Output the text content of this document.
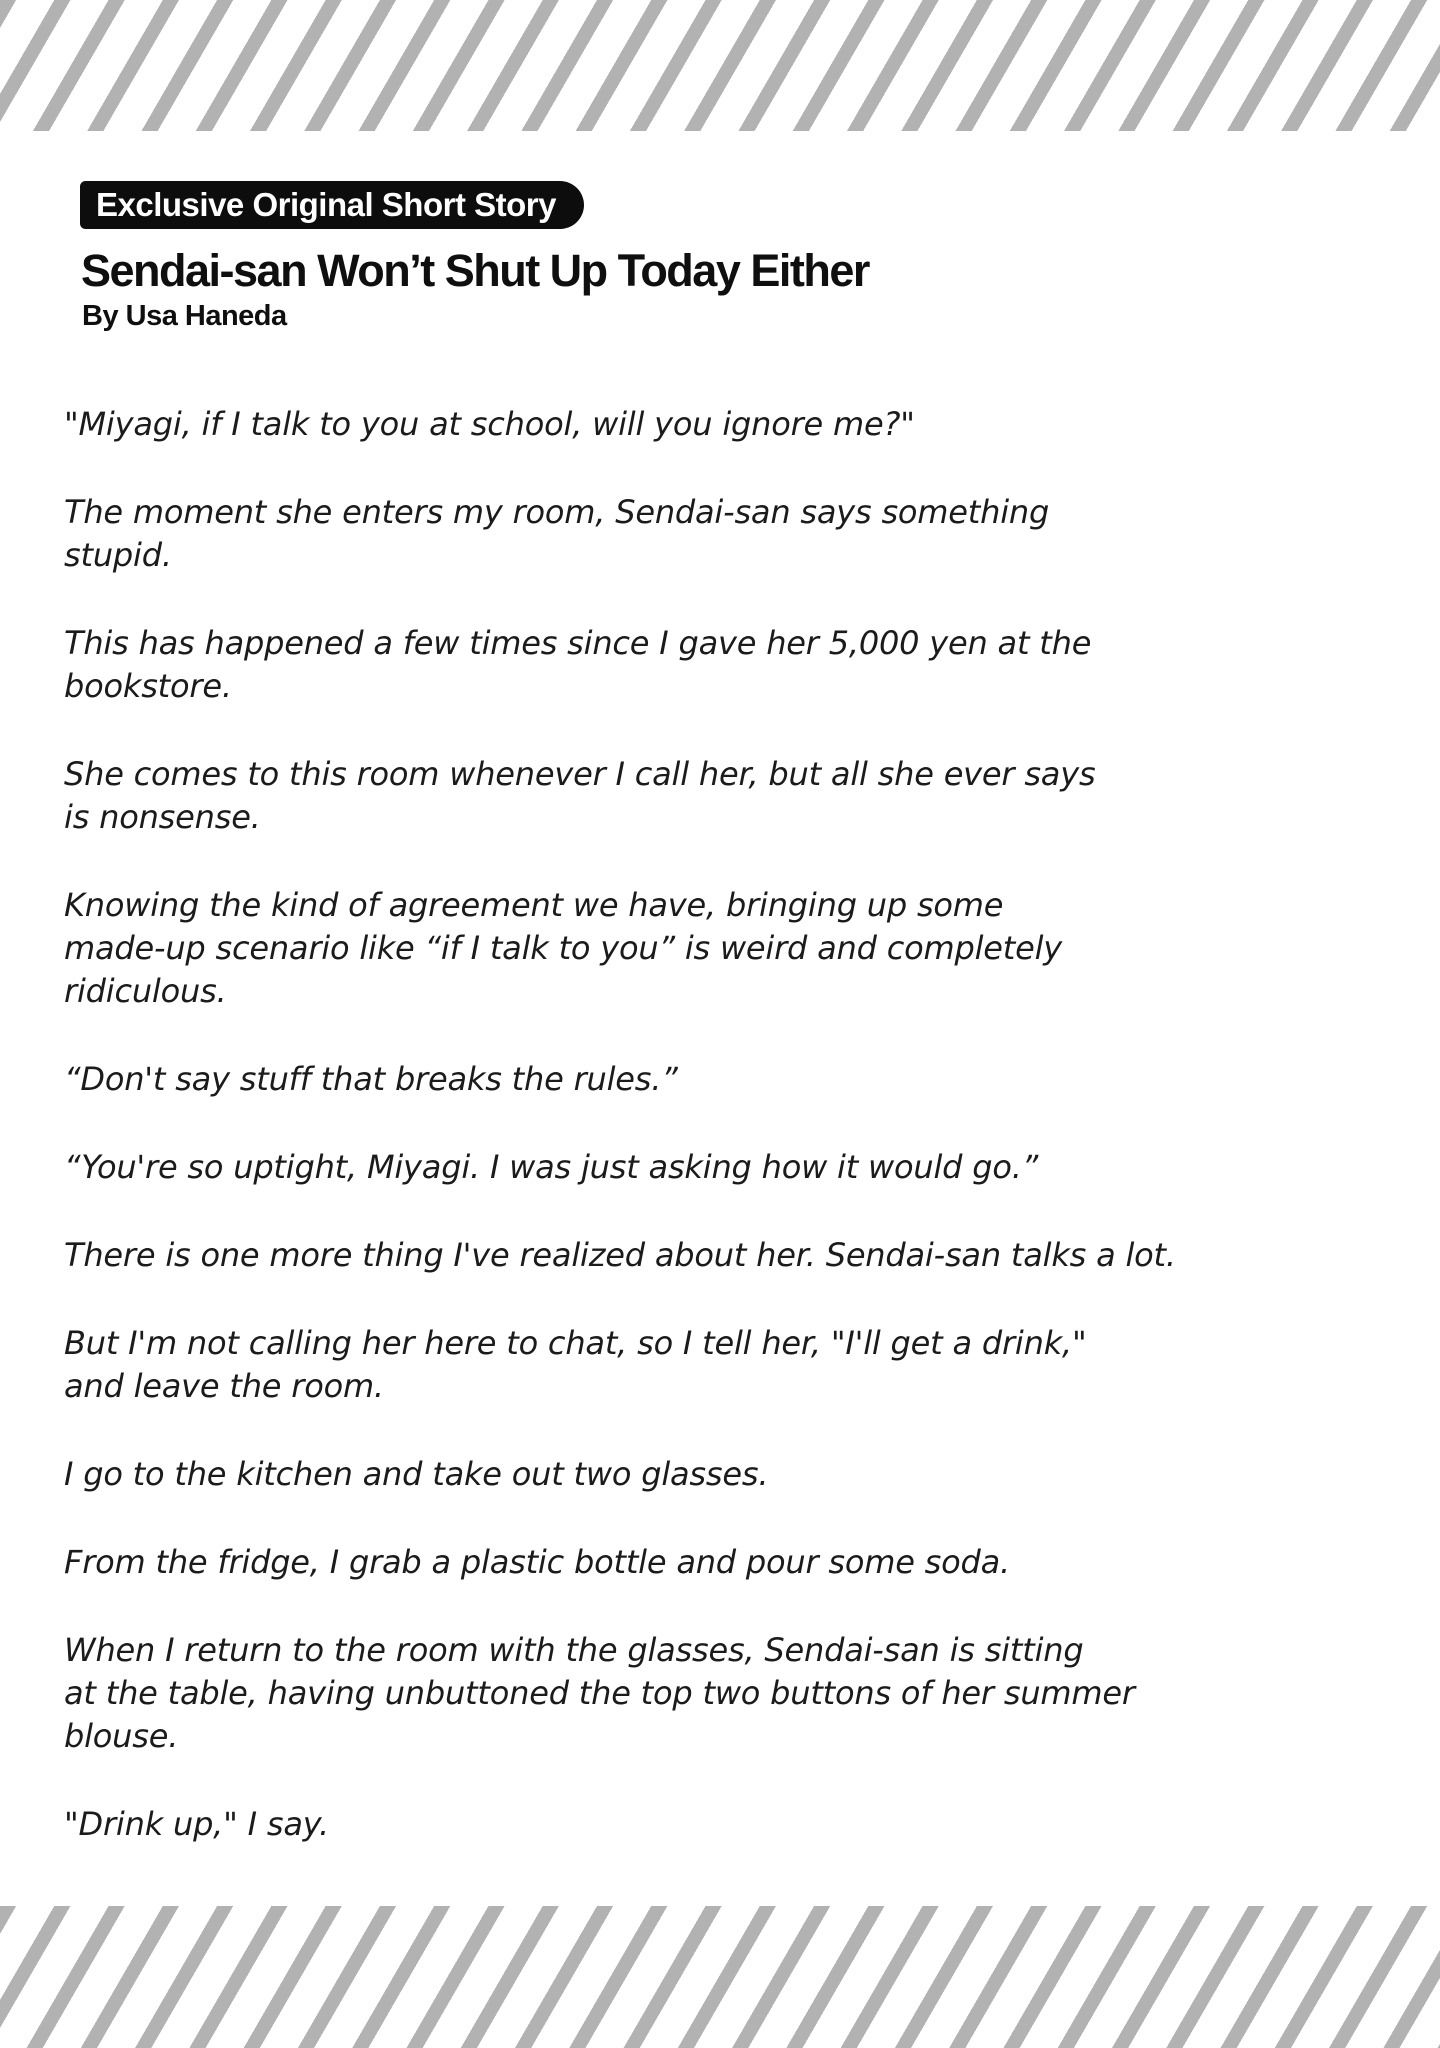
Exclusive Original Short Story
Sendai-san Won’t Shut Up Today Either
By Usa Haneda

"Miyagi, if I talk to you at school, will you ignore me?"

The moment she enters my room, Sendai-san says something
stupid.

This has happened a few times since I gave her 5,000 yen at the
bookstore.

She comes to this room whenever I call her, but all she ever says
is nonsense.

Knowing the kind of agreement we have, bringing up some
made-up scenario like “if I talk to you” is weird and completely
ridiculous.

“Don't say stuff that breaks the rules.”

“You're so uptight, Miyagi. I was just asking how it would go.”

There is one more thing I've realized about her. Sendai-san talks a lot.

But I'm not calling her here to chat, so I tell her, "I'll get a drink,"
and leave the room.

I go to the kitchen and take out two glasses.

From the fridge, I grab a plastic bottle and pour some soda.

When I return to the room with the glasses, Sendai-san is sitting
at the table, having unbuttoned the top two buttons of her summer
blouse.

"Drink up," I say.
